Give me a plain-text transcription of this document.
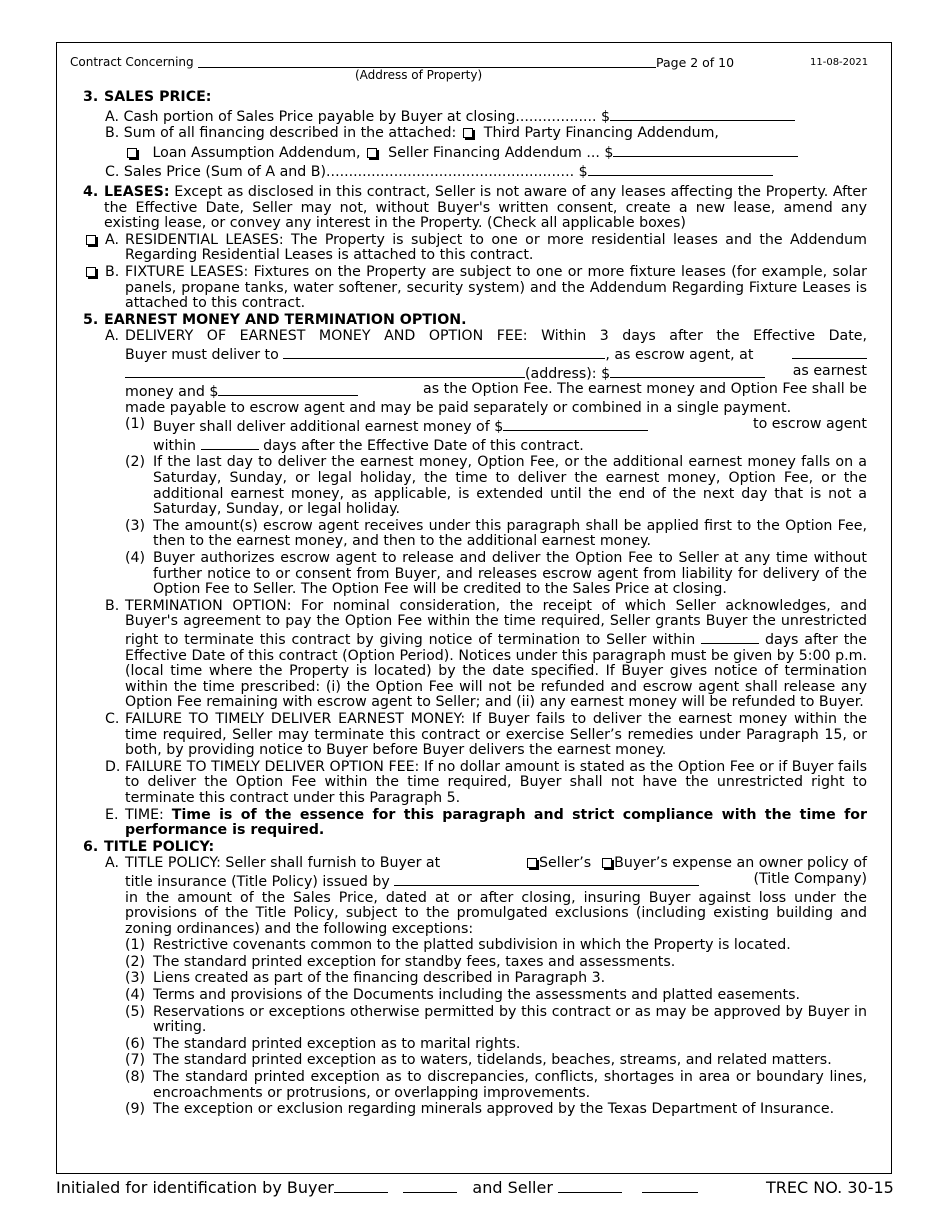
Contract Concerning
(Address of Property)
Page 2 of 10	11-08-2021
3. SALES PRICE:
A. Cash portion of Sales Price payable by Buyer at closing.................. $
B. Sum of all financing described in the attached: Third Party Financing Addendum,
Loan Assumption Addendum, Seller Financing Addendum ... $
C. Sales Price (Sum of A and B)....................................................... $
4. LEASES: Except as disclosed in this contract, Seller is not aware of any leases affecting the Property. After the Effective Date, Seller may not, without Buyer's written consent, create a new lease, amend any existing lease, or convey any interest in the Property. (Check all applicable boxes)
A. RESIDENTIAL LEASES: The Property is subject to one or more residential leases and the Addendum Regarding Residential Leases is attached to this contract.
B. FIXTURE LEASES: Fixtures on the Property are subject to one or more fixture leases (for example, solar panels, propane tanks, water softener, security system) and the Addendum Regarding Fixture Leases is attached to this contract.
5. EARNEST MONEY AND TERMINATION OPTION.
A. DELIVERY OF EARNEST MONEY AND OPTION FEE: Within 3 days after the Effective Date,
Buyer must deliver to	, as escrow agent, at
(address): $	as earnest
money and $	as the Option Fee. The earnest money and Option Fee shall be
made payable to escrow agent and may be paid separately or combined in a single payment.
(1) Buyer shall deliver additional earnest money of $	to escrow agent
within	days after the Effective Date of this contract.
(2) If the last day to deliver the earnest money, Option Fee, or the additional earnest money falls on a Saturday, Sunday, or legal holiday, the time to deliver the earnest money, Option Fee, or the additional earnest money, as applicable, is extended until the end of the next day that is not a Saturday, Sunday, or legal holiday.
(3) The amount(s) escrow agent receives under this paragraph shall be applied first to the Option Fee, then to the earnest money, and then to the additional earnest money.
(4) Buyer authorizes escrow agent to release and deliver the Option Fee to Seller at any time without further notice to or consent from Buyer, and releases escrow agent from liability for delivery of the Option Fee to Seller. The Option Fee will be credited to the Sales Price at closing.
B. TERMINATION OPTION: For nominal consideration, the receipt of which Seller acknowledges, and Buyer's agreement to pay the Option Fee within the time required, Seller grants Buyer the unrestricted right to terminate this contract by giving notice of termination to Seller within	days after the Effective Date of this contract (Option Period). Notices under this paragraph must be given by 5:00 p.m. (local time where the Property is located) by the date specified. If Buyer gives notice of termination within the time prescribed: (i) the Option Fee will not be refunded and escrow agent shall release any Option Fee remaining with escrow agent to Seller; and (ii) any earnest money will be refunded to Buyer.
C. FAILURE TO TIMELY DELIVER EARNEST MONEY: If Buyer fails to deliver the earnest money within the time required, Seller may terminate this contract or exercise Seller’s remedies under Paragraph 15, or both, by providing notice to Buyer before Buyer delivers the earnest money.
D. FAILURE TO TIMELY DELIVER OPTION FEE: If no dollar amount is stated as the Option Fee or if Buyer fails to deliver the Option Fee within the time required, Buyer shall not have the unrestricted right to terminate this contract under this Paragraph 5.
E. TIME: Time is of the essence for this paragraph and strict compliance with the time for performance is required.
6. TITLE POLICY:
A. TITLE POLICY: Seller shall furnish to Buyer at	Seller’s Buyer’s expense an owner policy of
title insurance (Title Policy) issued by	(Title Company)
in the amount of the Sales Price, dated at or after closing, insuring Buyer against loss under the provisions of the Title Policy, subject to the promulgated exclusions (including existing building and zoning ordinances) and the following exceptions:
(1) Restrictive covenants common to the platted subdivision in which the Property is located.
(2) The standard printed exception for standby fees, taxes and assessments.
(3) Liens created as part of the financing described in Paragraph 3.
(4) Terms and provisions of the Documents including the assessments and platted easements.
(5) Reservations or exceptions otherwise permitted by this contract or as may be approved by Buyer in writing.
(6) The standard printed exception as to marital rights.
(7) The standard printed exception as to waters, tidelands, beaches, streams, and related matters.
(8) The standard printed exception as to discrepancies, conflicts, shortages in area or boundary lines, encroachments or protrusions, or overlapping improvements.
(9) The exception or exclusion regarding minerals approved by the Texas Department of Insurance.
Initialed for identification by Buyer	and Seller	TREC NO. 30-15
